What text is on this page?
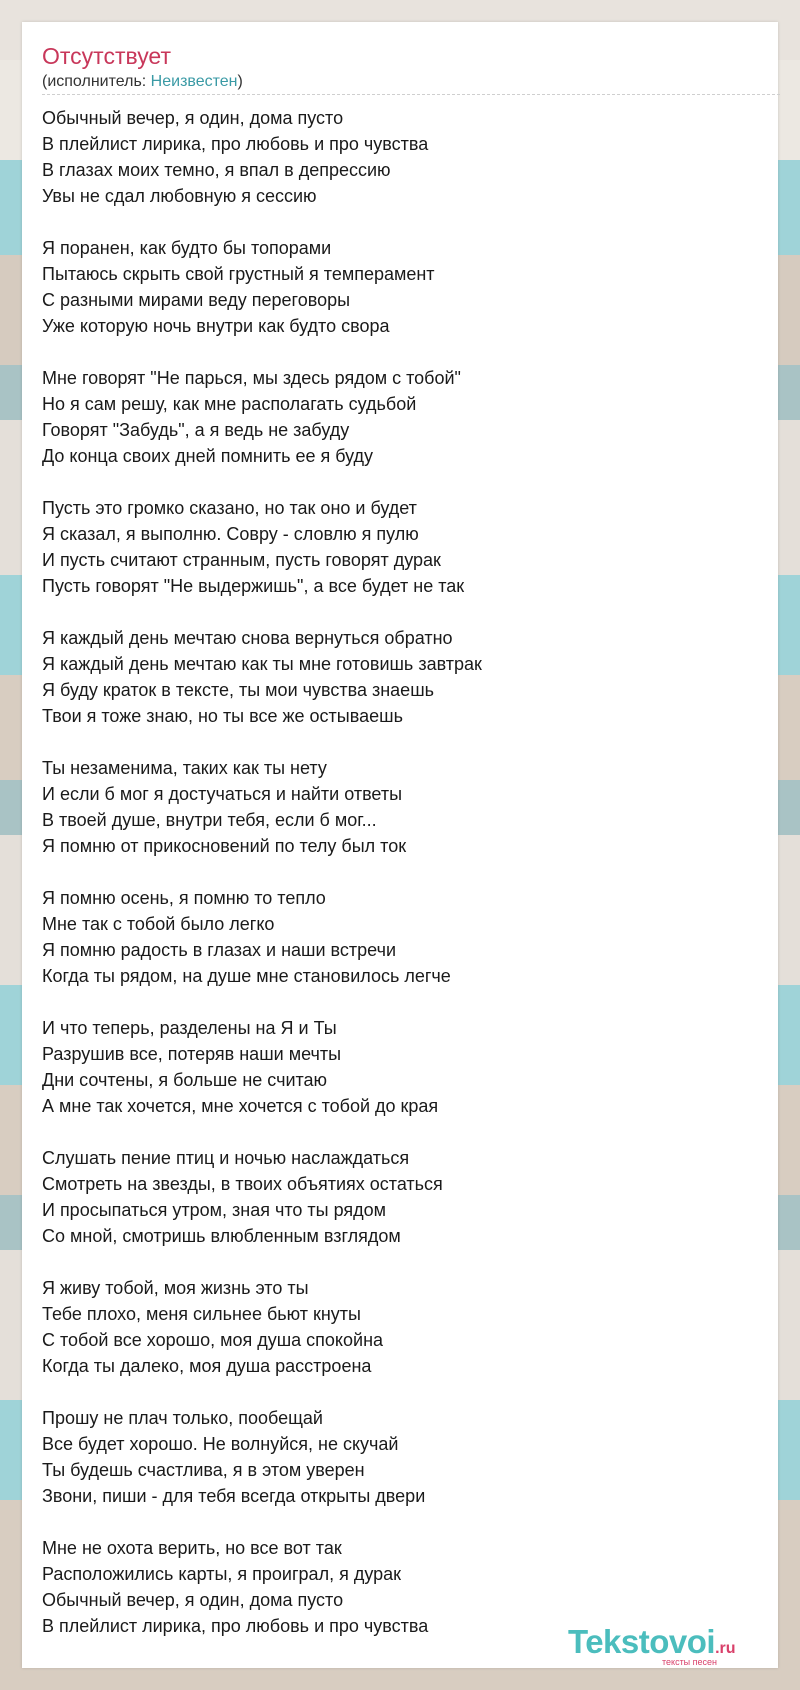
Отсутствует
(исполнитель: Неизвестен)
Обычный вечер, я один, дома пусто
В плейлист лирика, про любовь и про чувства
В глазах моих темно, я впал в депрессию
Увы не сдал любовную я сессию
Я поранен, как будто бы топорами
Пытаюсь скрыть свой грустный я темперамент
С разными мирами веду переговоры
Уже которую ночь внутри как будто свора
Мне говорят "Не парься, мы здесь рядом с тобой"
Но я сам решу, как мне располагать судьбой
Говорят "Забудь", а я ведь не забуду
До конца своих дней помнить ее я буду
Пусть это громко сказано, но так оно и будет
Я сказал, я выполню. Совру - словлю я пулю
И пусть считают странным, пусть говорят дурак
Пусть говорят "Не выдержишь", а все будет не так
Я каждый день мечтаю снова вернуться обратно
Я каждый день мечтаю как ты мне готовишь завтрак
Я буду краток в тексте, ты мои чувства знаешь
Твои я тоже знаю, но ты все же остываешь
Ты незаменима, таких как ты нету
И если б мог я достучаться и найти ответы
В твоей душе, внутри тебя, если б мог...
Я помню от прикосновений по телу был ток
Я помню осень, я помню то тепло
Мне так с тобой было легко
Я помню радость в глазах и наши встречи
Когда ты рядом, на душе мне становилось легче
И что теперь, разделены на Я и Ты
Разрушив все, потеряв наши мечты
Дни сочтены, я больше не считаю
А мне так хочется, мне хочется с тобой до края
Слушать пение птиц и ночью наслаждаться
Смотреть на звезды, в твоих объятиях остаться
И просыпаться утром, зная что ты рядом
Со мной, смотришь влюбленным взглядом
Я живу тобой, моя жизнь это ты
Тебе плохо, меня сильнее бьют кнуты
С тобой все хорошо, моя душа спокойна
Когда ты далеко, моя душа расстроена
Прошу не плач только, пообещай
Все будет хорошо. Не волнуйся, не скучай
Ты будешь счастлива, я в этом уверен
Звони, пиши - для тебя всегда открыты двери
Мне не охота верить, но все вот так
Расположились карты, я проиграл, я дурак
Обычный вечер, я один, дома пусто
В плейлист лирика, про любовь и про чувства	Tekstovoi.ru
тексты песен
